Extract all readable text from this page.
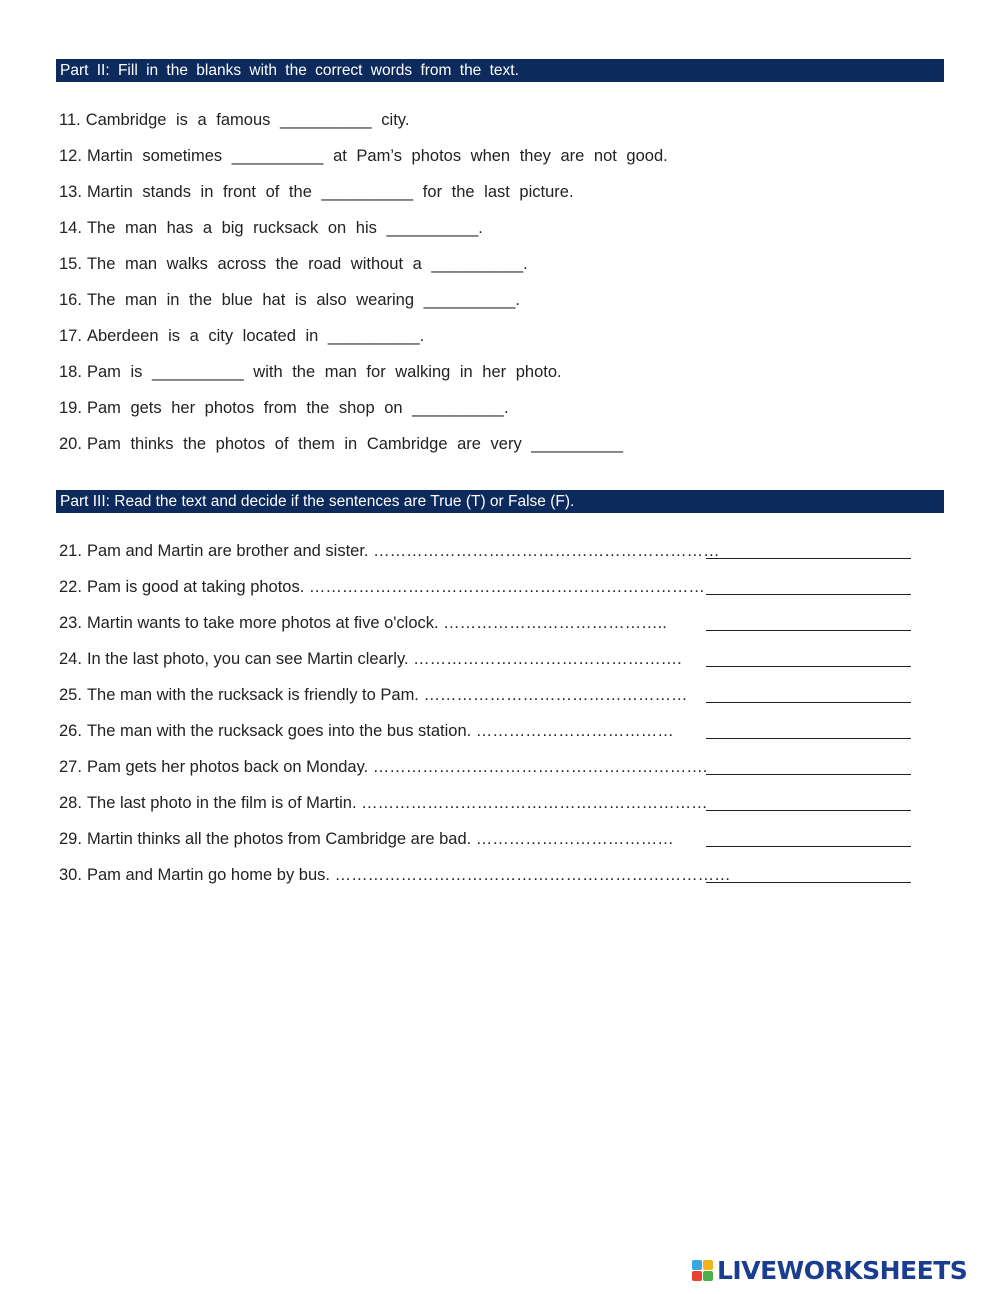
Part II: Fill in the blanks with the correct words from the text.
11. Cambridge is a famous __________ city.
12. Martin sometimes __________ at Pam’s photos when they are not good.
13. Martin stands in front of the __________ for the last picture.
14. The man has a big rucksack on his __________.
15. The man walks across the road without a __________.
16. The man in the blue hat is also wearing __________.
17. Aberdeen is a city located in __________.
18. Pam is __________ with the man for walking in her photo.
19. Pam gets her photos from the shop on __________.
20. Pam thinks the photos of them in Cambridge are very __________
Part III: Read the text and decide if the sentences are True (T) or False (F).
21. Pam and Martin are brother and sister. ………………………………………………………
22. Pam is good at taking photos. ………………………………………………………………
23. Martin wants to take more photos at five o'clock. …………………………………..
24. In the last photo, you can see Martin clearly. ………………………………………….
25. The man with the rucksack is friendly to Pam. …………………………………………
26. The man with the rucksack goes into the bus station. ………………………………
27. Pam gets her photos back on Monday. …………………………………………………….
28. The last photo in the film is of Martin. ………………………………………………………
29. Martin thinks all the photos from Cambridge are bad. ………………………………
30. Pam and Martin go home by bus. ………………………………………………………………
LIVEWORKSHEETS
